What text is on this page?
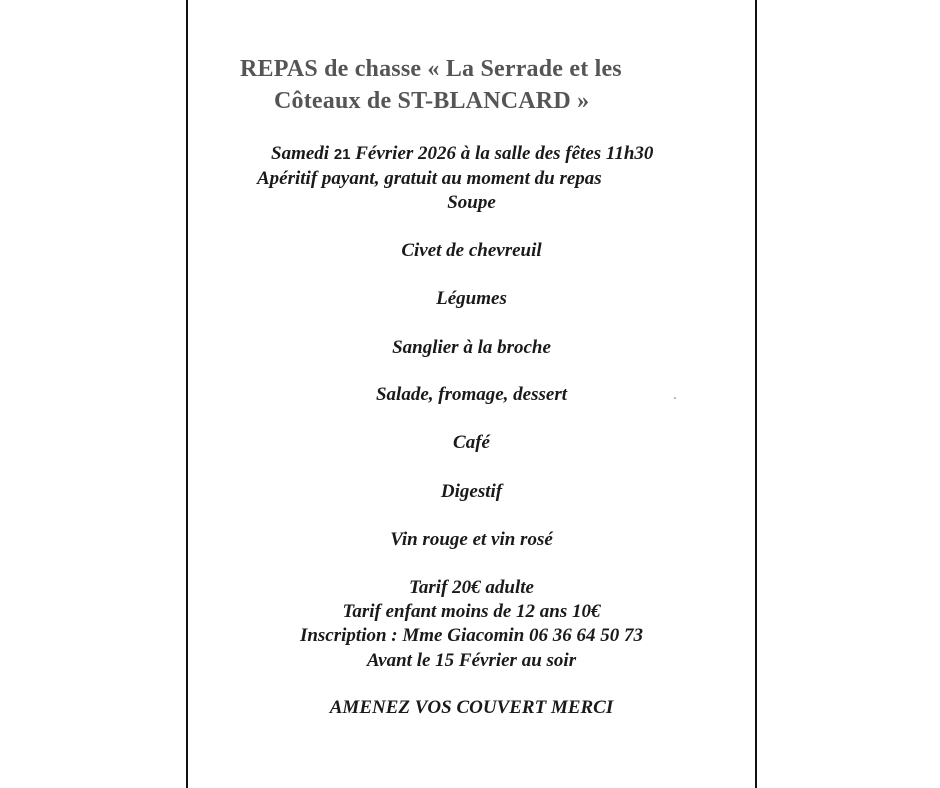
REPAS de chasse « La Serrade et les

Côteaux de ST-BLANCARD »

Samedi 21 Février 2026 à la salle des fêtes 11h30

Apéritif payant, gratuit au moment du repas

Soupe

Civet de chevreuil

Légumes

Sanglier à la broche

Salade, fromage, dessert

Café

Digestif

Vin rouge et vin rosé

Tarif 20€ adulte

Tarif enfant moins de 12 ans 10€

Inscription : Mme Giacomin 06 36 64 50 73

Avant le 15 Février au soir

AMENEZ VOS COUVERT MERCI
